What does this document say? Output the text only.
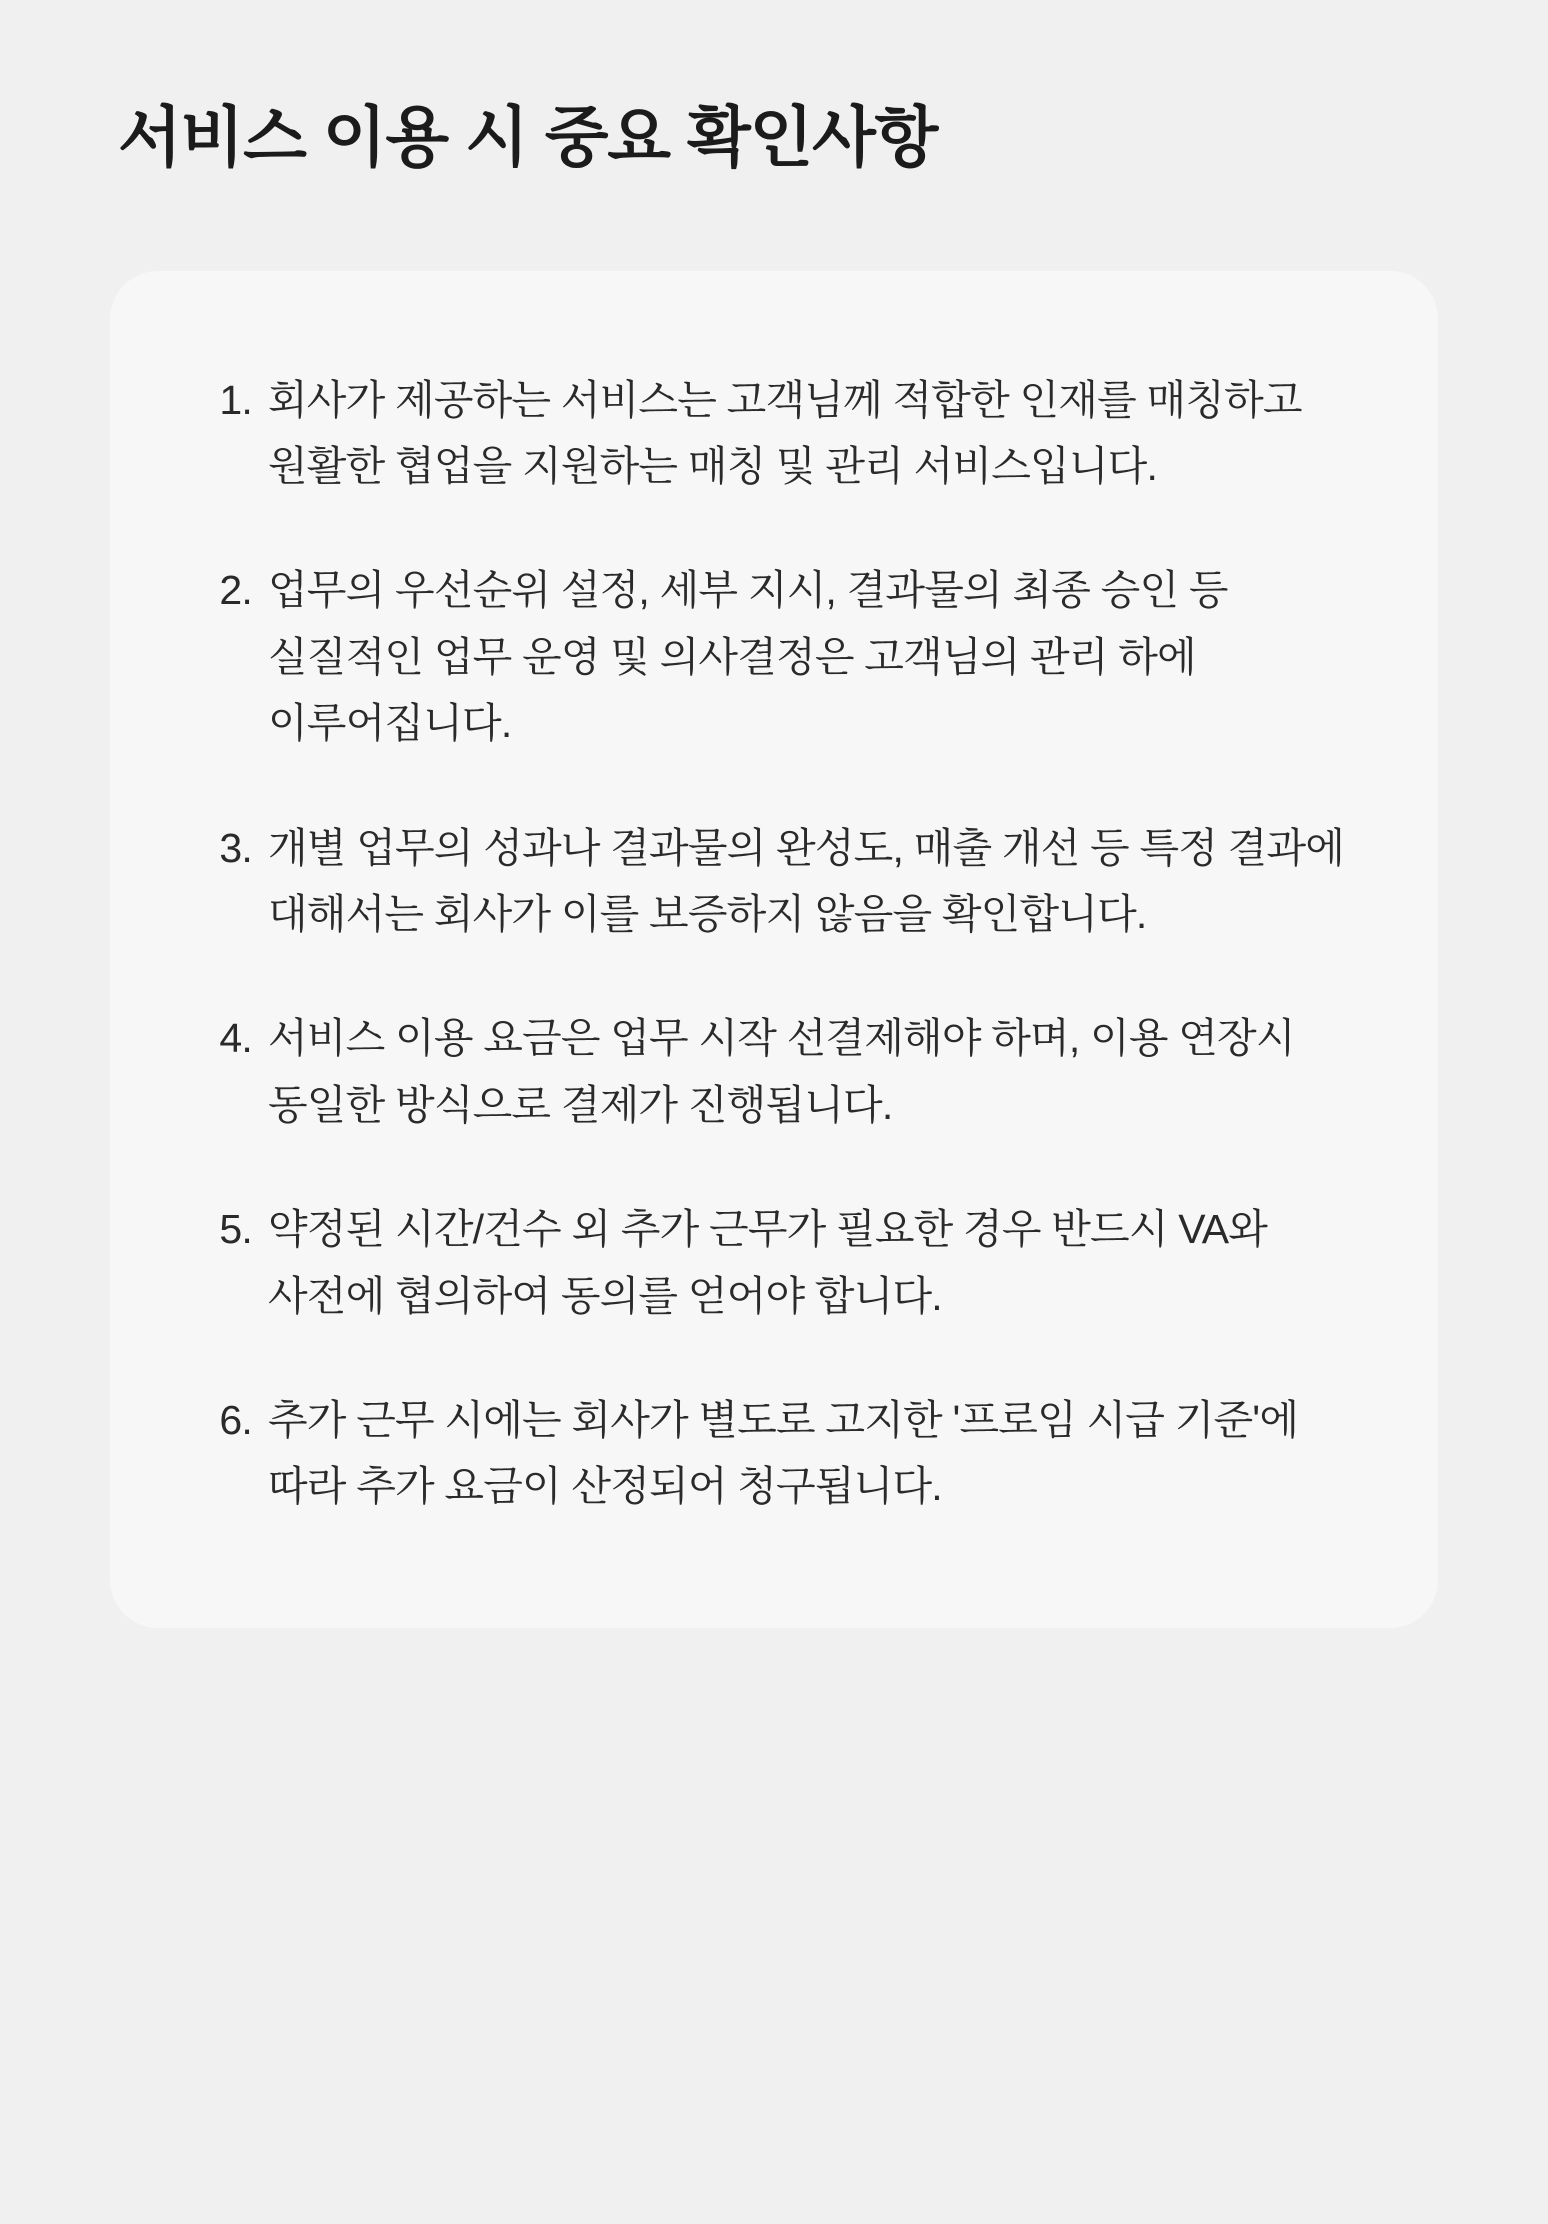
서비스 이용 시 중요 확인사항
회사가 제공하는 서비스는 고객님께 적합한 인재를 매칭하고 원활한 협업을 지원하는 매칭 및 관리 서비스입니다.
업무의 우선순위 설정, 세부 지시, 결과물의 최종 승인 등 실질적인 업무 운영 및 의사결정은 고객님의 관리 하에 이루어집니다.
개별 업무의 성과나 결과물의 완성도, 매출 개선 등 특정 결과에 대해서는 회사가 이를 보증하지 않음을 확인합니다.
서비스 이용 요금은 업무 시작 선결제해야 하며, 이용 연장시 동일한 방식으로 결제가 진행됩니다.
약정된 시간/건수 외 추가 근무가 필요한 경우 반드시 VA와 사전에 협의하여 동의를 얻어야 합니다.
추가 근무 시에는 회사가 별도로 고지한 '프로임 시급 기준'에 따라 추가 요금이 산정되어 청구됩니다.
